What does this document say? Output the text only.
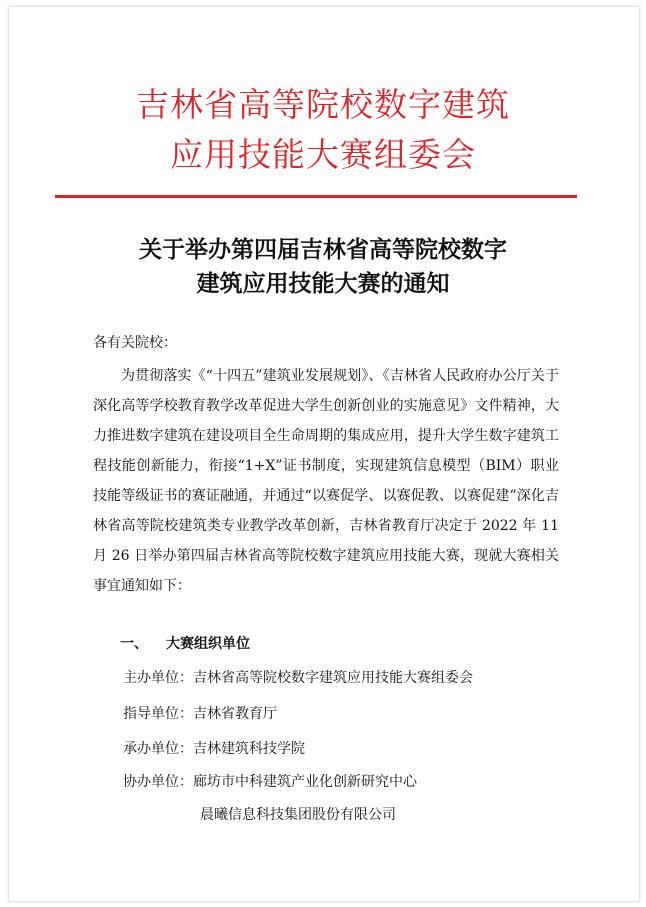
吉林省高等院校数字建筑
应用技能大赛组委会
关于举办第四届吉林省高等院校数字
建筑应用技能大赛的通知
各有关院校：
为贯彻落实《“十四五”建筑业发展规划》、《吉林省人民政府办公厅关于深化高等学校教育教学改革促进大学生创新创业的实施意见》文件精神，大力推进数字建筑在建设项目全生命周期的集成应用，提升大学生数字建筑工程技能创新能力，衔接“1+X”证书制度，实现建筑信息模型（BIM）职业技能等级证书的赛证融通，并通过“以赛促学、以赛促教、以赛促建”深化吉林省高等院校建筑类专业教学改革创新，吉林省教育厅决定于 2022 年 11 月 26 日举办第四届吉林省高等院校数字建筑应用技能大赛，现就大赛相关事宜通知如下：
一、 大赛组织单位
主办单位：吉林省高等院校数字建筑应用技能大赛组委会
指导单位：吉林省教育厅
承办单位：吉林建筑科技学院
协办单位：廊坊市中科建筑产业化创新研究中心
晨曦信息科技集团股份有限公司
